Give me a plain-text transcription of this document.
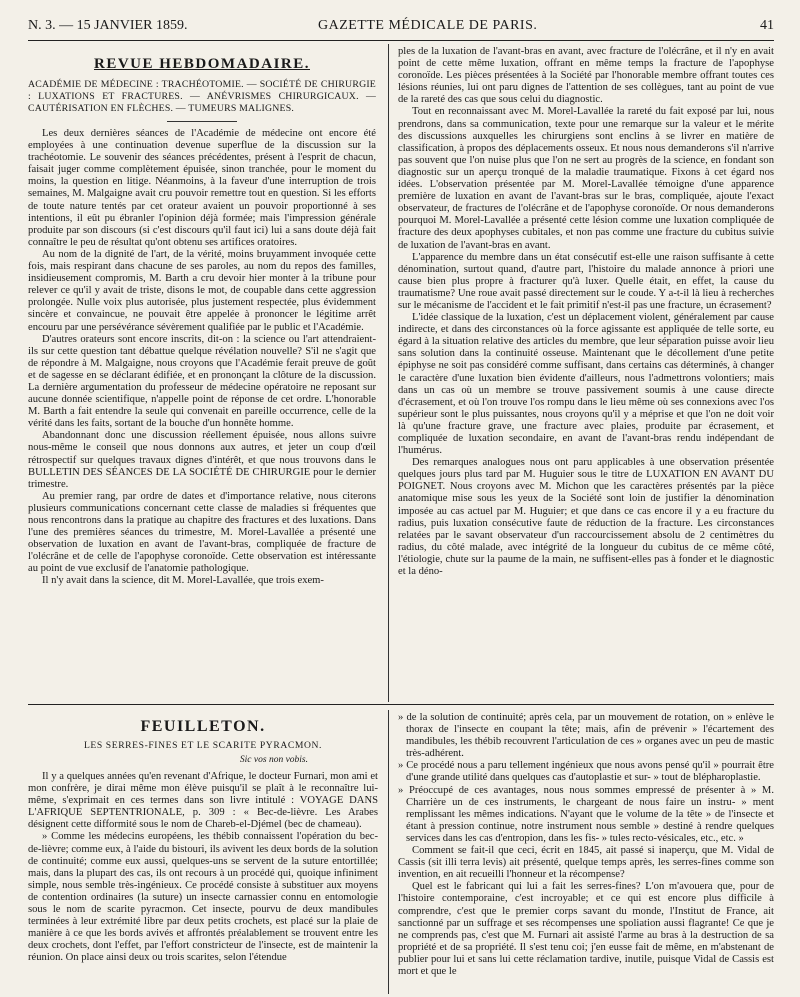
N. 3. — 15 JANVIER 1859.	GAZETTE MÉDICALE DE PARIS.	41
REVUE HEBDOMADAIRE.
ACADÉMIE DE MÉDECINE : TRACHÉOTOMIE. — SOCIÉTÉ DE CHIRURGIE : LUXATIONS ET FRACTURES. — ANÉVRISMES CHIRURGICAUX. — CAUTÉRISATION EN FLÈCHES. — TUMEURS MALIGNES.

Les deux dernières séances de l'Académie de médecine ont encore été employées à une continuation devenue superflue de la discussion sur la trachéotomie. Le souvenir des séances précédentes, présent à l'esprit de chacun, faisait juger comme complètement épuisée, sinon tranchée, pour le moment du moins, la question en litige. Néanmoins, à la faveur d'une interruption de trois semaines, M. Malgaigne avait cru pouvoir remettre tout en question. Si les efforts de toute nature tentés par cet orateur avaient un pouvoir proportionné à ses intentions, il eût pu ébranler l'opinion déjà formée; mais l'impression générale produite par son discours (si c'est discours qu'il faut ici) lui a sans doute déjà fait connaître le peu de résultat qu'ont obtenu ses artifices oratoires.

Au nom de la dignité de l'art, de la vérité, moins bruyamment invoquée cette fois, mais respirant dans chacune de ses paroles, au nom du repos des familles, insidieusement compromis, M. Barth a cru devoir hier monter à la tribune pour relever ce qu'il y avait de triste, disons le mot, de coupable dans cette aggression prolongée. Nulle voix plus autorisée, plus justement respectée, plus évidemment sincère et convaincue, ne pouvait être appelée à prononcer le légitime arrêt encouru par une persévérance sévèrement qualifiée par le public et l'Académie.

D'autres orateurs sont encore inscrits, dit-on : la science ou l'art attendraient-ils sur cette question tant débattue quelque révélation nouvelle? S'il ne s'agit que de répondre à M. Malgaigne, nous croyons que l'Académie ferait preuve de goût et de sagesse en se déclarant édifiée, et en prononçant la clôture de la discussion. La dernière argumentation du professeur de médecine opératoire ne reposant sur aucune donnée scientifique, n'appelle point de réponse de cet ordre. L'honorable M. Barth a fait entendre la seule qui convenait en pareille occurrence, celle de la vérité dans les faits, sortant de la bouche d'un honnête homme.

Abandonnant donc une discussion réellement épuisée, nous allons suivre nous-même le conseil que nous donnons aux autres, et jeter un coup d'œil rétrospectif sur quelques travaux dignes d'intérêt, et que nous trouvons dans le BULLETIN DES SÉANCES DE LA SOCIÉTÉ DE CHIRURGIE pour le dernier trimestre.

Au premier rang, par ordre de dates et d'importance relative, nous citerons plusieurs communications concernant cette classe de maladies si fréquentes que nous rencontrons dans la pratique au chapitre des fractures et des luxations. Dans l'une des premières séances du trimestre, M. Morel-Lavallée a présenté une observation de luxation en avant de l'avant-bras, compliquée de fracture de l'olécrâne et de celle de l'apophyse coronoïde. Cette observation est intéressante au point de vue exclusif de l'anatomie pathologique.

Il n'y avait dans la science, dit M. Morel-Lavallée, que trois exem-

ples de la luxation de l'avant-bras en avant, avec fracture de l'olécrâne, et il n'y en avait point de cette même luxation, offrant en même temps la fracture de l'apophyse coronoïde. Les pièces présentées à la Société par l'honorable membre offrant toutes ces lésions réunies, lui ont paru dignes de l'attention de ses collègues, tant au point de vue de la rareté des cas que sous celui du diagnostic.

Tout en reconnaissant avec M. Morel-Lavallée la rareté du fait exposé par lui, nous prendrons, dans sa communication, texte pour une remarque sur la valeur et le mérite des discussions auxquelles les chirurgiens sont enclins à se livrer en matière de classification, à propos des déplacements osseux. Et nous nous demanderons s'il n'arrive pas souvent que l'on nuise plus que l'on ne sert au progrès de la science, en fondant son diagnostic sur un aperçu tronqué de la maladie traumatique. Fixons à cet égard nos idées. L'observation présentée par M. Morel-Lavallée témoigne d'une apparence première de luxation en avant de l'avant-bras sur le bras, compliquée, ajoute l'exact observateur, de fractures de l'olécrâne et de l'apophyse coronoïde. Or nous demanderons pourquoi M. Morel-Lavallée a présenté cette lésion comme une luxation compliquée de fracture des deux apophyses cubitales, et non pas comme une fracture du cubitus suivie de luxation de l'avant-bras en avant.

L'apparence du membre dans un état consécutif est-elle une raison suffisante à cette dénomination, surtout quand, d'autre part, l'histoire du malade annonce à priori une cause bien plus propre à fracturer qu'à luxer. Quelle était, en effet, la cause du traumatisme? Une roue avait passé directement sur le coude. Y a-t-il là lieu à recherches sur le mécanisme de l'accident et le fait primitif n'est-il pas une fracture, un écrasement?

L'idée classique de la luxation, c'est un déplacement violent, généralement par cause indirecte, et dans des circonstances où la force agissante est appliquée de telle sorte, eu égard à la situation relative des articles du membre, que leur séparation puisse avoir lieu sans solution dans la continuité osseuse. Maintenant que le décollement d'une petite épiphyse ne soit pas considéré comme suffisant, dans certains cas déterminés, à changer le caractère d'une luxation bien évidente d'ailleurs, nous l'admettrons volontiers; mais dans un cas où un membre se trouve passivement soumis à une cause directe d'écrasement, et où l'on trouve l'os rompu dans le lieu même où ses connexions avec l'os supérieur sont le plus puissantes, nous croyons qu'il y a méprise et que l'on ne doit voir là qu'une fracture grave, une fracture avec plaies, produite par écrasement, et compliquée de luxation secondaire, en avant de l'avant-bras rendu indépendant de l'humérus.

Des remarques analogues nous ont paru applicables à une observation présentée quelques jours plus tard par M. Huguier sous le titre de LUXATION EN AVANT DU POIGNET. Nous croyons avec M. Michon que les caractères présentés par la pièce anatomique mise sous les yeux de la Société sont loin de justifier la dénomination imposée au cas actuel par M. Huguier; et que dans ce cas encore il y a eu fracture du radius, puis luxation consécutive faute de réduction de la fracture. Les circonstances relatées par le savant observateur d'un raccourcissement absolu de 2 centimètres du radius, du côté malade, avec intégrité de la longueur du cubitus de ce même côté, l'étiologie, chute sur la paume de la main, ne suffisent-elles pas à fonder et le diagnostic et la déno-

FEUILLETON.
LES SERRES-FINES ET LE SCARITE PYRACMON.
Sic vos non vobis.

Il y a quelques années qu'en revenant d'Afrique, le docteur Furnari, mon ami et mon confrère, je dirai même mon élève puisqu'il se plaît à le reconnaître lui-même, s'exprimait en ces termes dans son livre intitulé : VOYAGE DANS L'AFRIQUE SEPTENTRIONALE, p. 309 : « Bec-de-lièvre. Les Arabes désignent cette difformité sous le nom de Chareb-el-Djémel (bec de chameau).

» Comme les médecins européens, les thébib connaissent l'opération du bec-de-lièvre; comme eux, à l'aide du bistouri, ils avivent les deux bords de la solution de continuité; comme eux aussi, quelques-uns se servent de la suture entortillée; mais, dans la plupart des cas, ils ont recours à un procédé qui, quoique infiniment simple, nous semble très-ingénieux. Ce procédé consiste à substituer aux moyens de contention ordinaires (la suture) un insecte carnassier connu en entomologie sous le nom de scarite pyracmon. Cet insecte, pourvu de deux mandibules terminées à leur extrémité libre par deux petits crochets, est placé sur la plaie de manière à ce que les bords avivés et affrontés préalablement se trouvent entre les deux crochets, dont l'effet, par l'effort constricteur de l'insecte, est de maintenir la réunion. On place ainsi deux ou trois scarites, selon l'étendue

» de la solution de continuité; après cela, par un mouvement de rotation, on » enlève le thorax de l'insecte en coupant la tête; mais, afin de prévenir » l'écartement des mandibules, les thébib recouvrent l'articulation de ces » organes avec un peu de mastic très-adhérent.

» Ce procédé nous a paru tellement ingénieux que nous avons pensé qu'il » pourrait être d'une grande utilité dans quelques cas d'autoplastie et sur- » tout de blépharoplastie.

» Préoccupé de ces avantages, nous nous sommes empressé de présenter à » M. Charrière un de ces instruments, le chargeant de nous faire un instru- » ment remplissant les mêmes indications. N'ayant que le volume de la tête » de l'insecte et étant à pression continue, notre instrument nous semble » destiné à rendre quelques services dans les cas d'entropion, dans les fis- » tules recto-vésicales, etc., etc. »

Comment se fait-il que ceci, écrit en 1845, ait passé si inaperçu, que M. Vidal de Cassis (sit illi terra levis) ait présenté, quelque temps après, les serres-fines comme son invention, en ait recueilli l'honneur et la récompense?

Quel est le fabricant qui lui a fait les serres-fines? L'on m'avouera que, pour de l'histoire contemporaine, c'est incroyable; et ce qui est encore plus difficile à comprendre, c'est que le premier corps savant du monde, l'Institut de France, ait sanctionné par un suffrage et ses récompenses une spoliation aussi flagrante! Ce que je ne comprends pas, c'est que M. Furnari ait assisté l'arme au bras à la destruction de sa propriété et de sa propriété. Il s'est tenu coi; j'en eusse fait de même, en m'abstenant de publier pour lui et sans lui cette réclamation tardive, inutile, puisque Vidal de Cassis est mort et que le
